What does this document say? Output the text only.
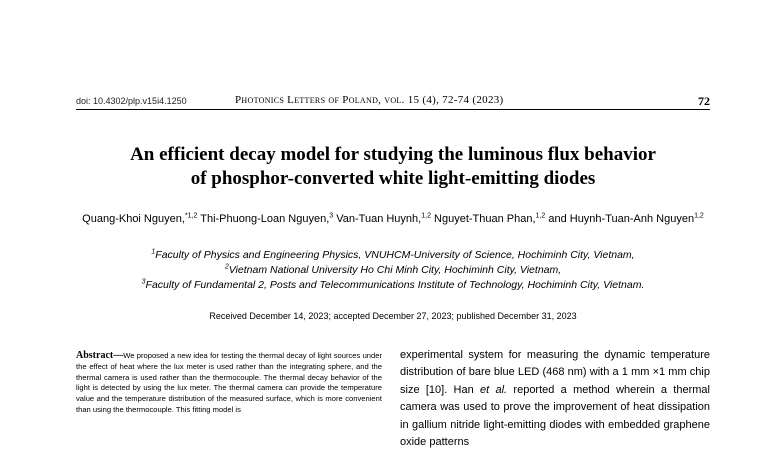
doi: 10.4302/plp.v15i4.1250	Photonics Letters of Poland, vol. 15 (4), 72-74 (2023)	72
An efficient decay model for studying the luminous flux behavior
of phosphor-converted white light-emitting diodes
Quang-Khoi Nguyen,$^{*1,2}$ Thi-Phuong-Loan Nguyen,$^3$ Van-Tuan Huynh,$^{1,2}$ Nguyet-Thuan Phan,$^{1,2}$ and Huynh-Tuan-Anh Nguyen$^{1,2}$
$^1$Faculty of Physics and Engineering Physics, VNUHCM-University of Science, Hochiminh City, Vietnam,
$^2$Vietnam National University Ho Chi Minh City, Hochiminh City, Vietnam,
$^3$Faculty of Fundamental 2, Posts and Telecommunications Institute of Technology, Hochiminh City, Vietnam.
Received December 14, 2023; accepted December 27, 2023; published December 31, 2023
Abstract—We proposed a new idea for testing the thermal decay of light sources under the effect of heat where the lux meter is used rather than the integrating sphere, and the thermal camera is used rather than the thermocouple. The thermal decay behavior of the light is detected by using the lux meter. The thermal camera can provide the temperature value and the temperature distribution of the measured surface, which is more convenient than using the thermocouple. This fitting model is
experimental system for measuring the dynamic temperature distribution of bare blue LED (468 nm) with a 1 mm ×1 mm chip size [10]. Han et al. reported a method wherein a thermal camera was used to prove the improvement of heat dissipation in gallium nitride light-emitting diodes with embedded graphene oxide patterns
